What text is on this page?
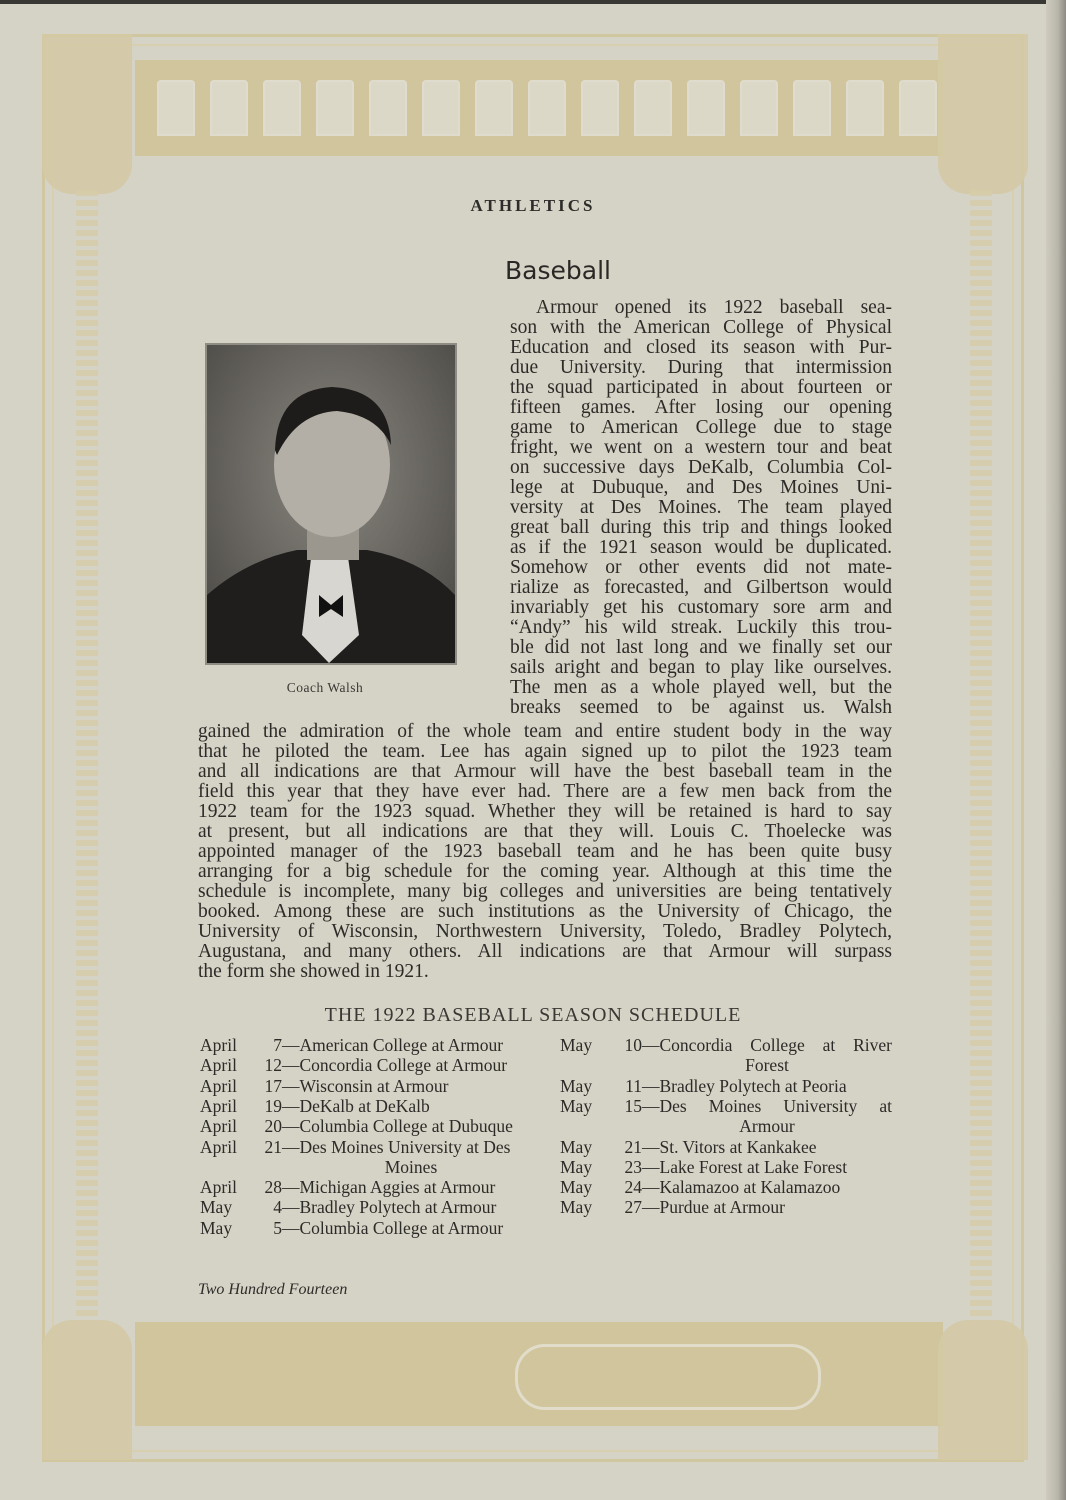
ATHLETICS
Baseball
Coach Walsh
Armour opened its 1922 baseball sea-
son with the American College of Physical
Education and closed its season with Pur-
due University. During that intermission
the squad participated in about fourteen or
fifteen games. After losing our opening
game to American College due to stage
fright, we went on a western tour and beat
on successive days DeKalb, Columbia Col-
lege at Dubuque, and Des Moines Uni-
versity at Des Moines. The team played
great ball during this trip and things looked
as if the 1921 season would be duplicated.
Somehow or other events did not mate-
rialize as forecasted, and Gilbertson would
invariably get his customary sore arm and
“Andy” his wild streak. Luckily this trou-
ble did not last long and we finally set our
sails aright and began to play like ourselves.
The men as a whole played well, but the
breaks seemed to be against us. Walsh
gained the admiration of the whole team and entire student body in the way
that he piloted the team. Lee has again signed up to pilot the 1923 team
and all indications are that Armour will have the best baseball team in the
field this year that they have ever had. There are a few men back from the
1922 team for the 1923 squad. Whether they will be retained is hard to say
at present, but all indications are that they will. Louis C. Thoelecke was
appointed manager of the 1923 baseball team and he has been quite busy
arranging for a big schedule for the coming year. Although at this time the
schedule is incomplete, many big colleges and universities are being tentatively
booked. Among these are such institutions as the University of Chicago, the
University of Wisconsin, Northwestern University, Toledo, Bradley Polytech,
Augustana, and many others. All indications are that Armour will surpass
the form she showed in 1921.
THE 1922 BASEBALL SEASON SCHEDULE
April	7 —American College at Armour
April	12 —Concordia College at Armour
April	17 —Wisconsin at Armour
April	19 —DeKalb at DeKalb
April	20 —Columbia College at Dubuque
April	21 —Des Moines University at Des
Moines
April	28 —Michigan Aggies at Armour
May	4 —Bradley Polytech at Armour
May	5 —Columbia College at Armour
May	10 —Concordia College at River
Forest
May	11 —Bradley Polytech at Peoria
May	15 —Des Moines University at
Armour
May	21 —St. Vitors at Kankakee
May	23 —Lake Forest at Lake Forest
May	24 —Kalamazoo at Kalamazoo
May	27 —Purdue at Armour
Two Hundred Fourteen
